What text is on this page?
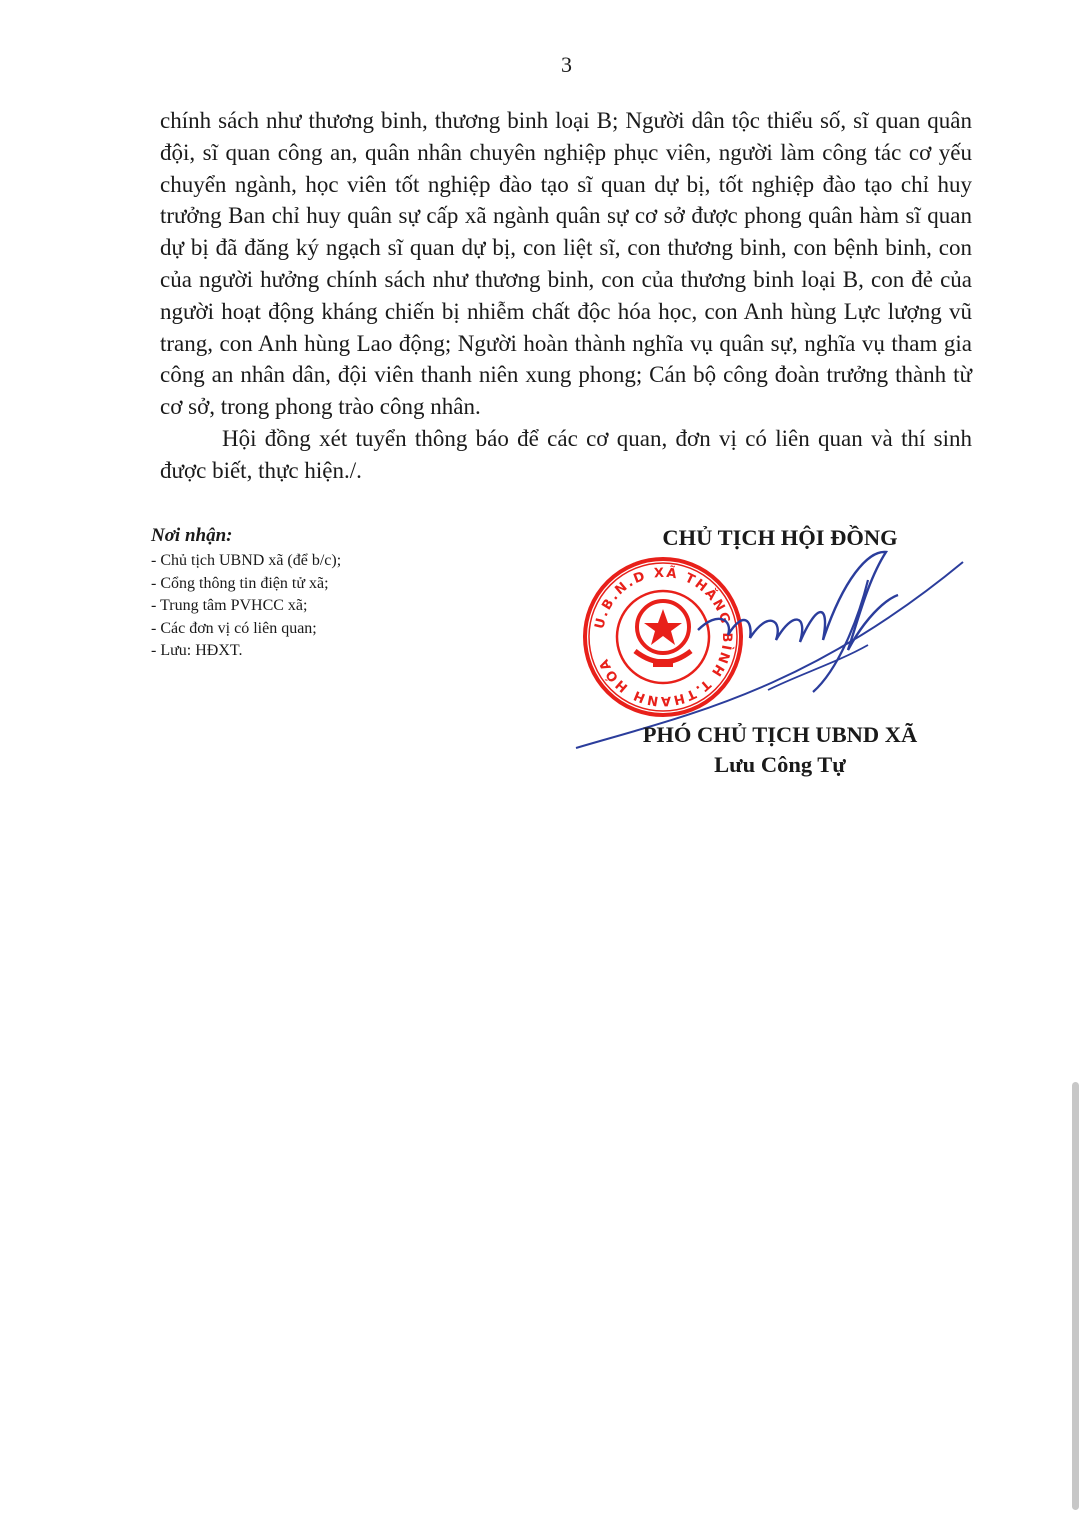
3

chính sách như thương binh, thương binh loại B; Người dân tộc thiểu số, sĩ quan quân đội, sĩ quan công an, quân nhân chuyên nghiệp phục viên, người làm công tác cơ yếu chuyển ngành, học viên tốt nghiệp đào tạo sĩ quan dự bị, tốt nghiệp đào tạo chỉ huy trưởng Ban chỉ huy quân sự cấp xã ngành quân sự cơ sở được phong quân hàm sĩ quan dự bị đã đăng ký ngạch sĩ quan dự bị, con liệt sĩ, con thương binh, con bệnh binh, con của người hưởng chính sách như thương binh, con của thương binh loại B, con đẻ của người hoạt động kháng chiến bị nhiễm chất độc hóa học, con Anh hùng Lực lượng vũ trang, con Anh hùng Lao động; Người hoàn thành nghĩa vụ quân sự, nghĩa vụ tham gia công an nhân dân, đội viên thanh niên xung phong; Cán bộ công đoàn trưởng thành từ cơ sở, trong phong trào công nhân.

Hội đồng xét tuyển thông báo để các cơ quan, đơn vị có liên quan và thí sinh được biết, thực hiện./.

Nơi nhận:
- Chủ tịch UBND xã (để b/c);
- Cổng thông tin điện tử xã;
- Trung tâm PVHCC xã;
- Các đơn vị có liên quan;
- Lưu: HĐXT.
CHỦ TỊCH HỘI ĐỒNG
U.B.N.D XÃ THĂNG BÌNH T.THANH HÓA
PHÓ CHỦ TỊCH UBND XÃ
Lưu Công Tự
